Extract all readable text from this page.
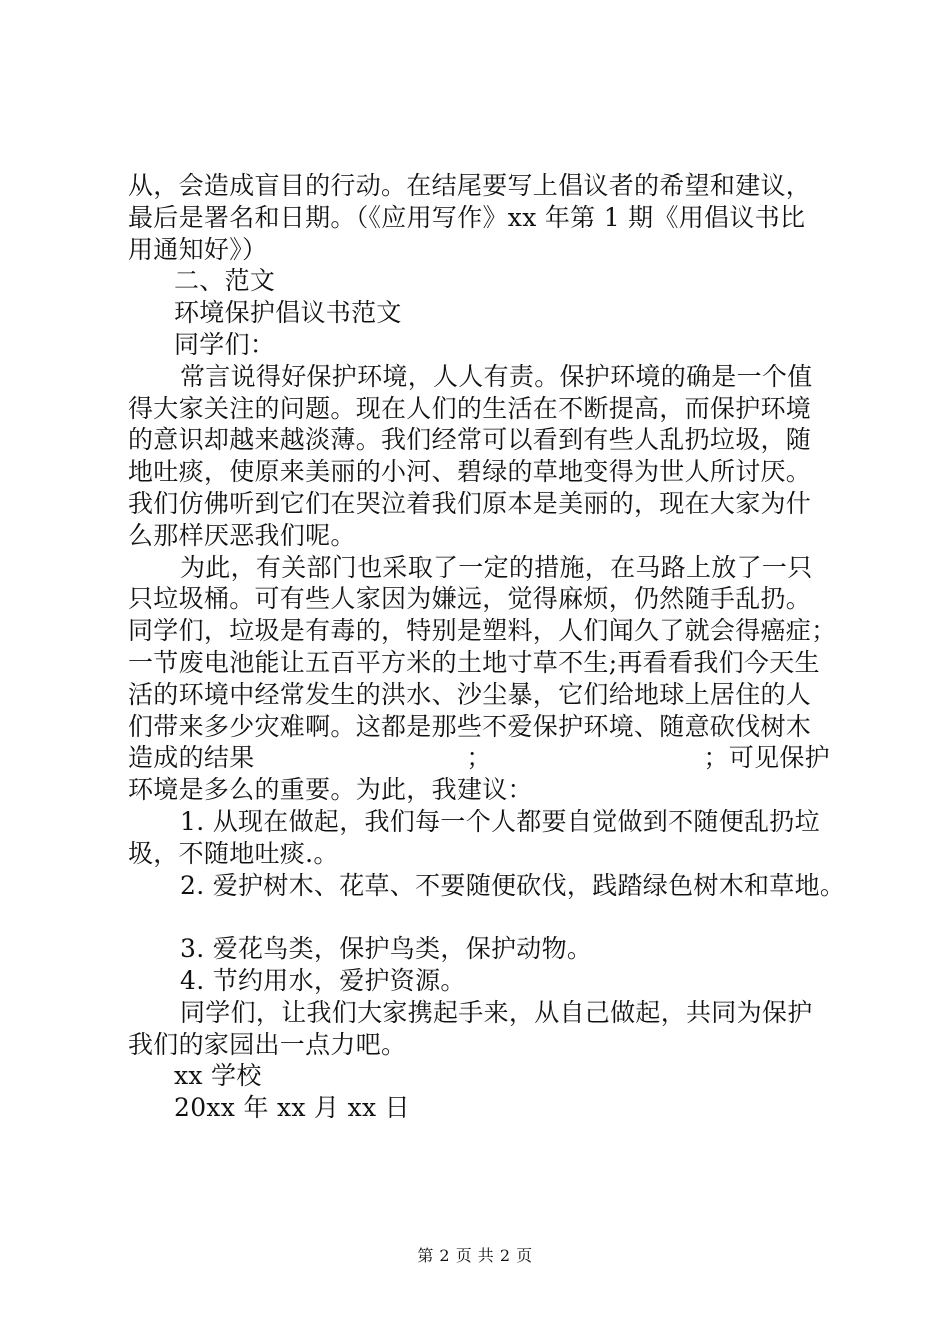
从，会造成盲目的行动。在结尾要写上倡议者的希望和建议，
最后是署名和日期。（《应用写作》xx 年第 1 期《用倡议书比
用通知好》）
二、范文
环境保护倡议书范文
同学们：
常言说得好保护环境，人人有责。保护环境的确是一个值
得大家关注的问题。现在人们的生活在不断提高，而保护环境
的意识却越来越淡薄。我们经常可以看到有些人乱扔垃圾，随
地吐痰，使原来美丽的小河、碧绿的草地变得为世人所讨厌。
我们仿佛听到它们在哭泣着我们原本是美丽的，现在大家为什
么那样厌恶我们呢。
为此，有关部门也采取了一定的措施，在马路上放了一只
只垃圾桶。可有些人家因为嫌远，觉得麻烦，仍然随手乱扔。
同学们，垃圾是有毒的，特别是塑料，人们闻久了就会得癌症；
一节废电池能让五百平方米的土地寸草不生;再看看我们今天生
活的环境中经常发生的洪水、沙尘暴，它们给地球上居住的人
们带来多少灾难啊。这都是那些不爱保护环境、随意砍伐树木
造成的结果	；	；可见保护
环境是多么的重要。为此，我建议：
1. 从现在做起，我们每一个人都要自觉做到不随便乱扔垃
圾，不随地吐痰.。
2. 爱护树木、花草、不要随便砍伐，践踏绿色树木和草地。
3. 爱花鸟类，保护鸟类，保护动物。
4. 节约用水，爱护资源。
同学们，让我们大家携起手来，从自己做起，共同为保护
我们的家园出一点力吧。
xx 学校
20xx 年 xx 月 xx 日
第 2 页 共 2 页
